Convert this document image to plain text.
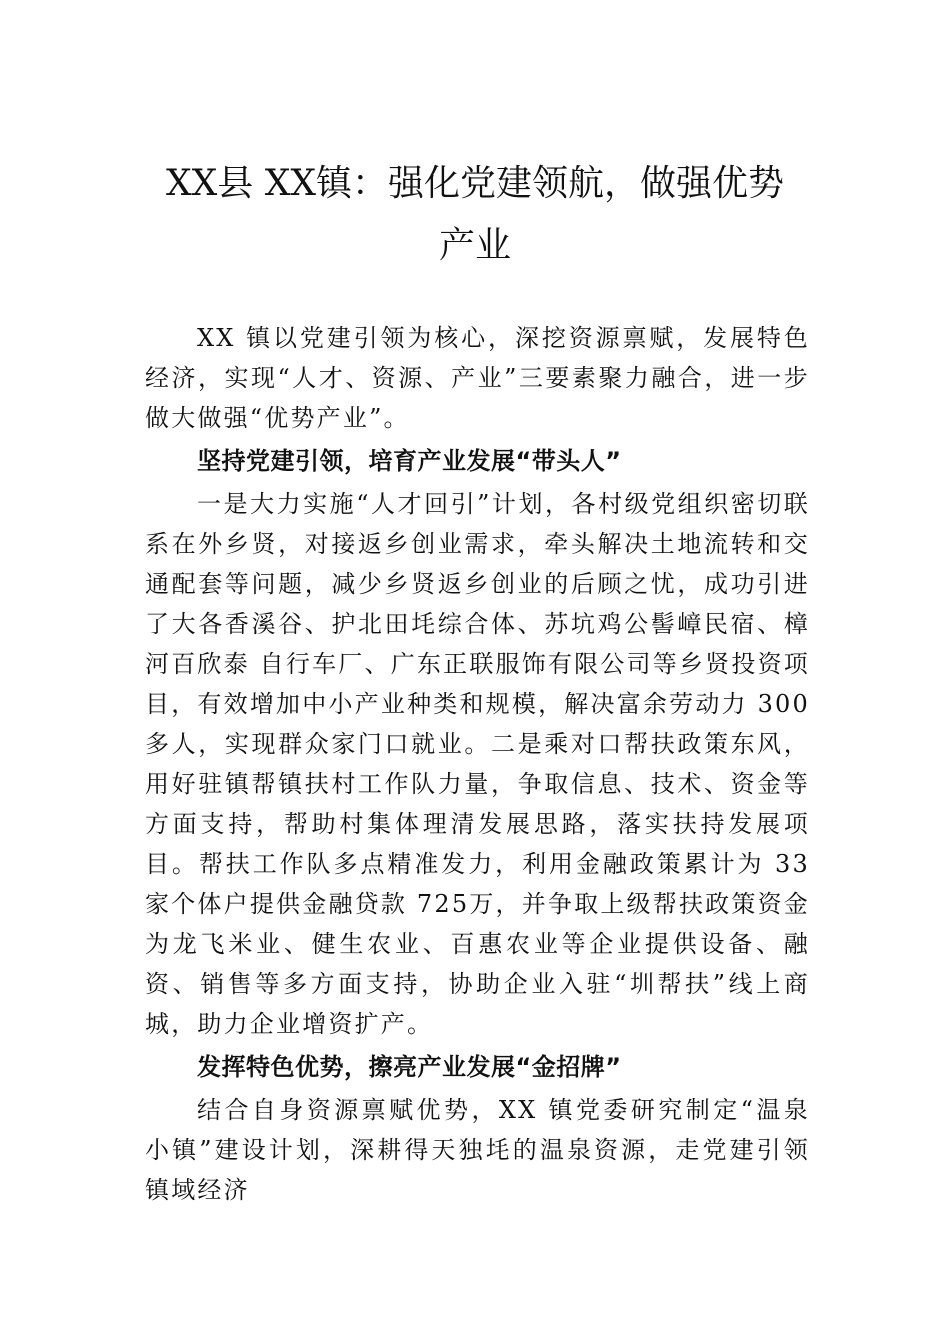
XX县 XX镇：强化党建领航，做强优势
产业

XX 镇以党建引领为核心，深挖资源禀赋，发展特色经济，实现“人才、资源、产业”三要素聚力融合，进一步做大做强“优势产业”。

坚持党建引领，培育产业发展“带头人”

一是大力实施“人才回引”计划，各村级党组织密切联系在外乡贤，对接返乡创业需求，牵头解决土地流转和交通配套等问题，减少乡贤返乡创业的后顾之忧，成功引进了大各香溪谷、护北田㘪综合体、苏坑鸡公髻嶂民宿、樟河百欣泰 自行车厂、广东正联服饰有限公司等乡贤投资项目，有效增加中小产业种类和规模，解决富余劳动力 300 多人，实现群众家门口就业。二是乘对口帮扶政策东风，用好驻镇帮镇扶村工作队力量，争取信息、技术、资金等方面支持，帮助村集体理清发展思路，落实扶持发展项目。帮扶工作队多点精准发力，利用金融政策累计为 33 家个体户提供金融贷款 725万，并争取上级帮扶政策资金为龙飞米业、健生农业、百惠农业等企业提供设备、融资、销售等多方面支持，协助企业入驻“圳帮扶”线上商城，助力企业增资扩产。

发挥特色优势，擦亮产业发展“金招牌”

结合自身资源禀赋优势，XX 镇党委研究制定“温泉小镇”建设计划，深耕得天独㘪的温泉资源，走党建引领镇域经济
